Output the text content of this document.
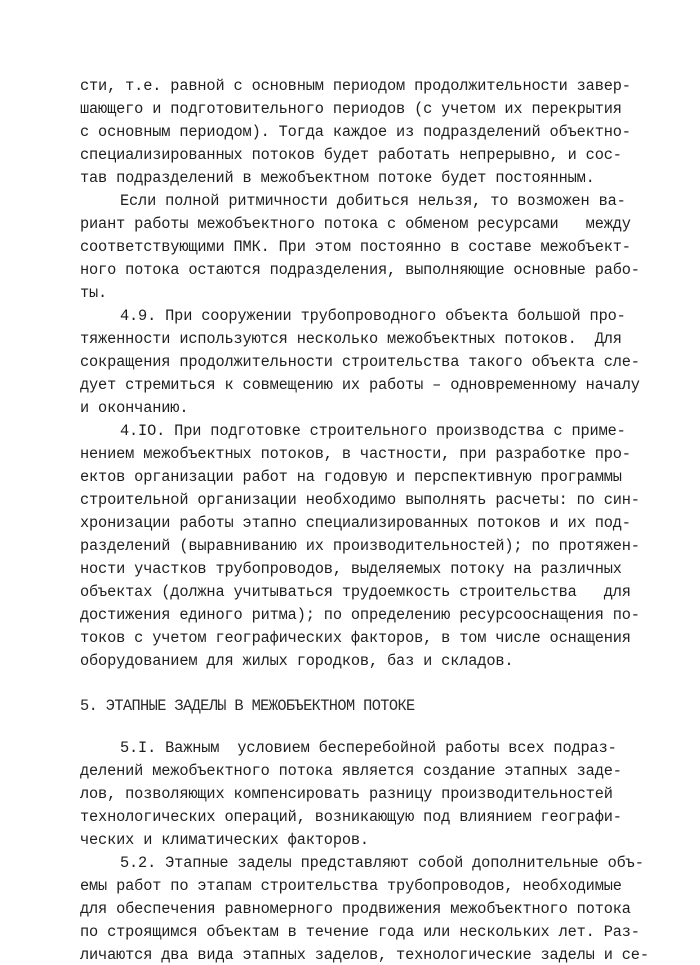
сти, т.е. равной с основным периодом продолжительности завер-
шающего и подготовительного периодов (с учетом их перекрытия
с основным периодом). Тогда каждое из подразделений объектно-
специализированных потоков будет работать непрерывно, и сос-
тав подразделений в межобъектном потоке будет постоянным.
Если полной ритмичности добиться нельзя, то возможен ва-
риант работы межобъектного потока с обменом ресурсами   между
соответствующими ПМК. При этом постоянно в составе межобъект-
ного потока остаются подразделения, выполняющие основные рабо-
ты.
4.9. При сооружении трубопроводного объекта большой про-
тяженности используются несколько межобъектных потоков.  Для
сокращения продолжительности строительства такого объекта сле-
дует стремиться к совмещению их работы – одновременному началу
и окончанию.
4.IO. При подготовке строительного производства с приме-
нением межобъектных потоков, в частности, при разработке про-
ектов организации работ на годовую и перспективную программы
строительной организации необходимо выполнять расчеты: по син-
хронизации работы этапно специализированных потоков и их под-
разделений (выравниванию их производительностей); по протяжен-
ности участков трубопроводов, выделяемых потоку на различных
объектах (должна учитываться трудоемкость строительства   для
достижения единого ритма); по определению ресурсооснащения по-
токов с учетом географических факторов, в том числе оснащения
оборудованием для жилых городков, баз и складов.
5. ЭТАПНЫЕ ЗАДЕЛЫ В МЕЖОБЪЕКТНОМ ПОТОКЕ
5.I. Важным  условием бесперебойной работы всех подраз-
делений межобъектного потока является создание этапных заде-
лов, позволяющих компенсировать разницу производительностей
технологических операций, возникающую под влиянием географи-
ческих и климатических факторов.
5.2. Этапные заделы представляют собой дополнительные объ-
емы работ по этапам строительства трубопроводов, необходимые
для обеспечения равномерного продвижения межобъектного потока
по строящимся объектам в течение года или нескольких лет. Раз-
личаются два вида этапных заделов, технологические заделы и се-
